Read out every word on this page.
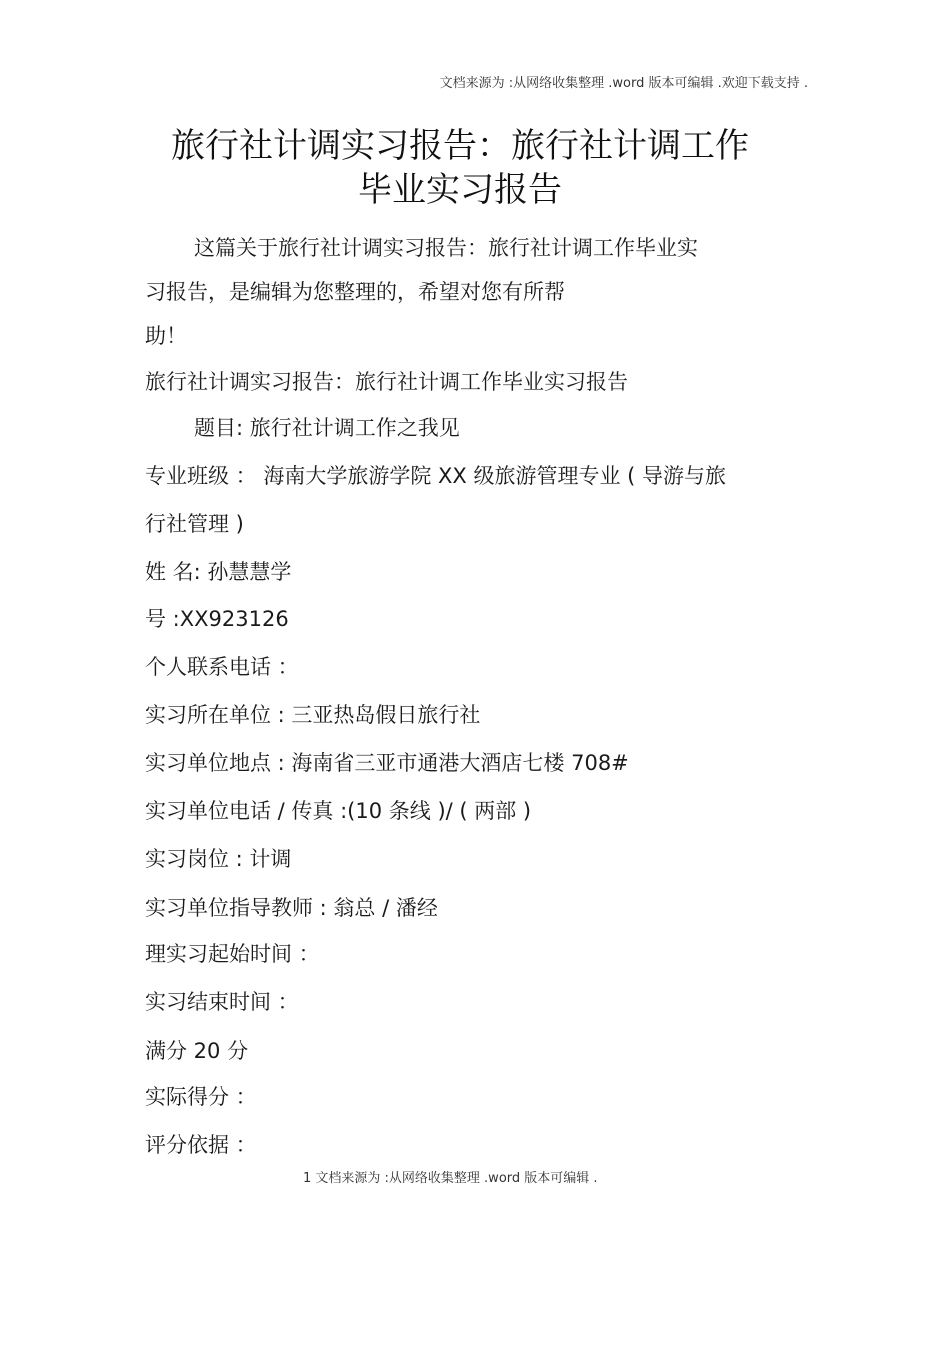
文档来源为 :从网络收集整理 .word 版本可编辑 .欢迎下载支持 .
旅行社计调实习报告：旅行社计调工作
毕业实习报告
这篇关于旅行社计调实习报告：旅行社计调工作毕业实
习报告，是编辑为您整理的，希望对您有所帮
助！
旅行社计调实习报告：旅行社计调工作毕业实习报告
题目: 旅行社计调工作之我见
专业班级 ： 海南大学旅游学院 XX 级旅游管理专业 ( 导游与旅
行社管理 )
姓 名: 孙慧慧学
号 :XX923126
个人联系电话 ：
实习所在单位 : 三亚热岛假日旅行社
实习单位地点 : 海南省三亚市通港大酒店七楼 708#
实习单位电话 / 传真 :(10 条线 )/ ( 两部 )
实习岗位 : 计调
实习单位指导教师 : 翁总 / 潘经
理实习起始时间 ：
实习结束时间 ：
满分 20 分
实际得分 ：
评分依据 ：
1 文档来源为 :从网络收集整理 .word 版本可编辑 .
